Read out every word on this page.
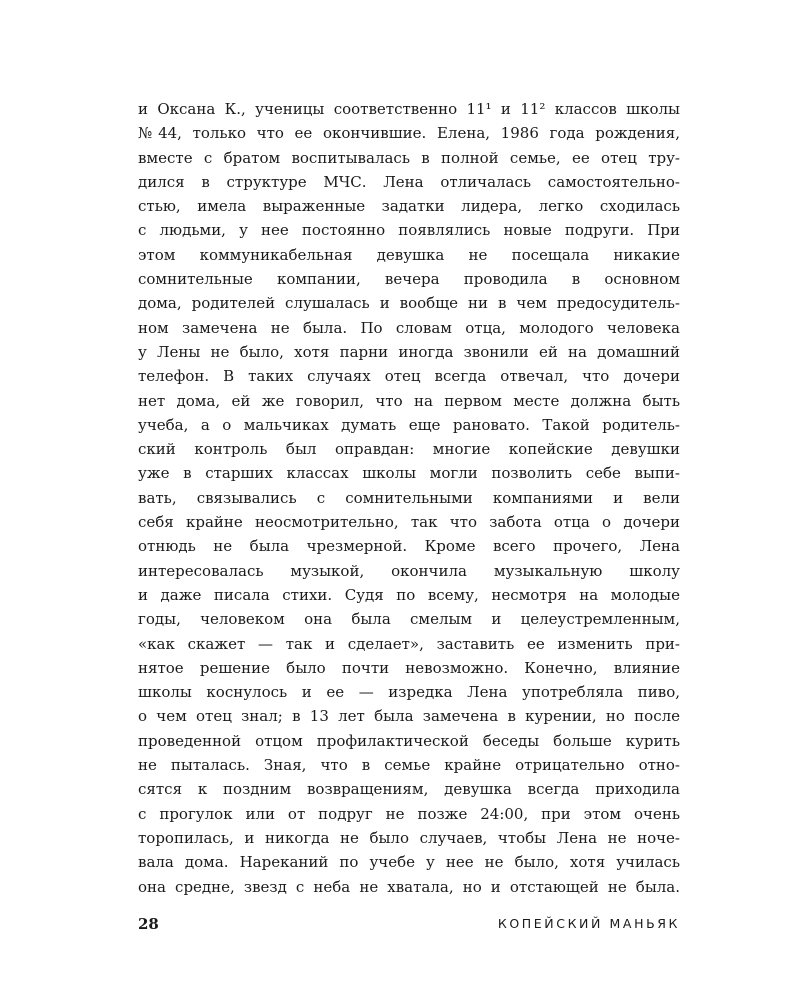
и Оксана К., ученицы соответственно 11¹ и 11² классов школы
№44, только что ее окончившие. Елена, 1986 года рождения,
вместе с братом воспитывалась в полной семье, ее отец тру-
дился в структуре МЧС. Лена отличалась самостоятельно-
стью, имела выраженные задатки лидера, легко сходилась
с людьми, у нее постоянно появлялись новые подруги. При
этом коммуникабельная девушка не посещала никакие
сомнительные компании, вечера проводила в основном
дома, родителей слушалась и вообще ни в чем предосудитель-
ном замечена не была. По словам отца, молодого человека
у Лены не было, хотя парни иногда звонили ей на домашний
телефон. В таких случаях отец всегда отвечал, что дочери
нет дома, ей же говорил, что на первом месте должна быть
учеба, а о мальчиках думать еще рановато. Такой родитель-
ский контроль был оправдан: многие копейские девушки
уже в старших классах школы могли позволить себе выпи-
вать, связывались с сомнительными компаниями и вели
себя крайне неосмотрительно, так что забота отца о дочери
отнюдь не была чрезмерной. Кроме всего прочего, Лена
интересовалась музыкой, окончила музыкальную школу
и даже писала стихи. Судя по всему, несмотря на молодые
годы, человеком она была смелым и целеустремленным,
«как скажет — так и сделает», заставить ее изменить при-
нятое решение было почти невозможно. Конечно, влияние
школы коснулось и ее — изредка Лена употребляла пиво,
о чем отец знал; в 13 лет была замечена в курении, но после
проведенной отцом профилактической беседы больше курить
не пыталась. Зная, что в семье крайне отрицательно отно-
сятся к поздним возвращениям, девушка всегда приходила
с прогулок или от подруг не позже 24:00, при этом очень
торопилась, и никогда не было случаев, чтобы Лена не ноче-
вала дома. Нареканий по учебе у нее не было, хотя училась
она средне, звезд с неба не хватала, но и отстающей не была.
28	КОПЕЙСКИЙ МАНЬЯК
